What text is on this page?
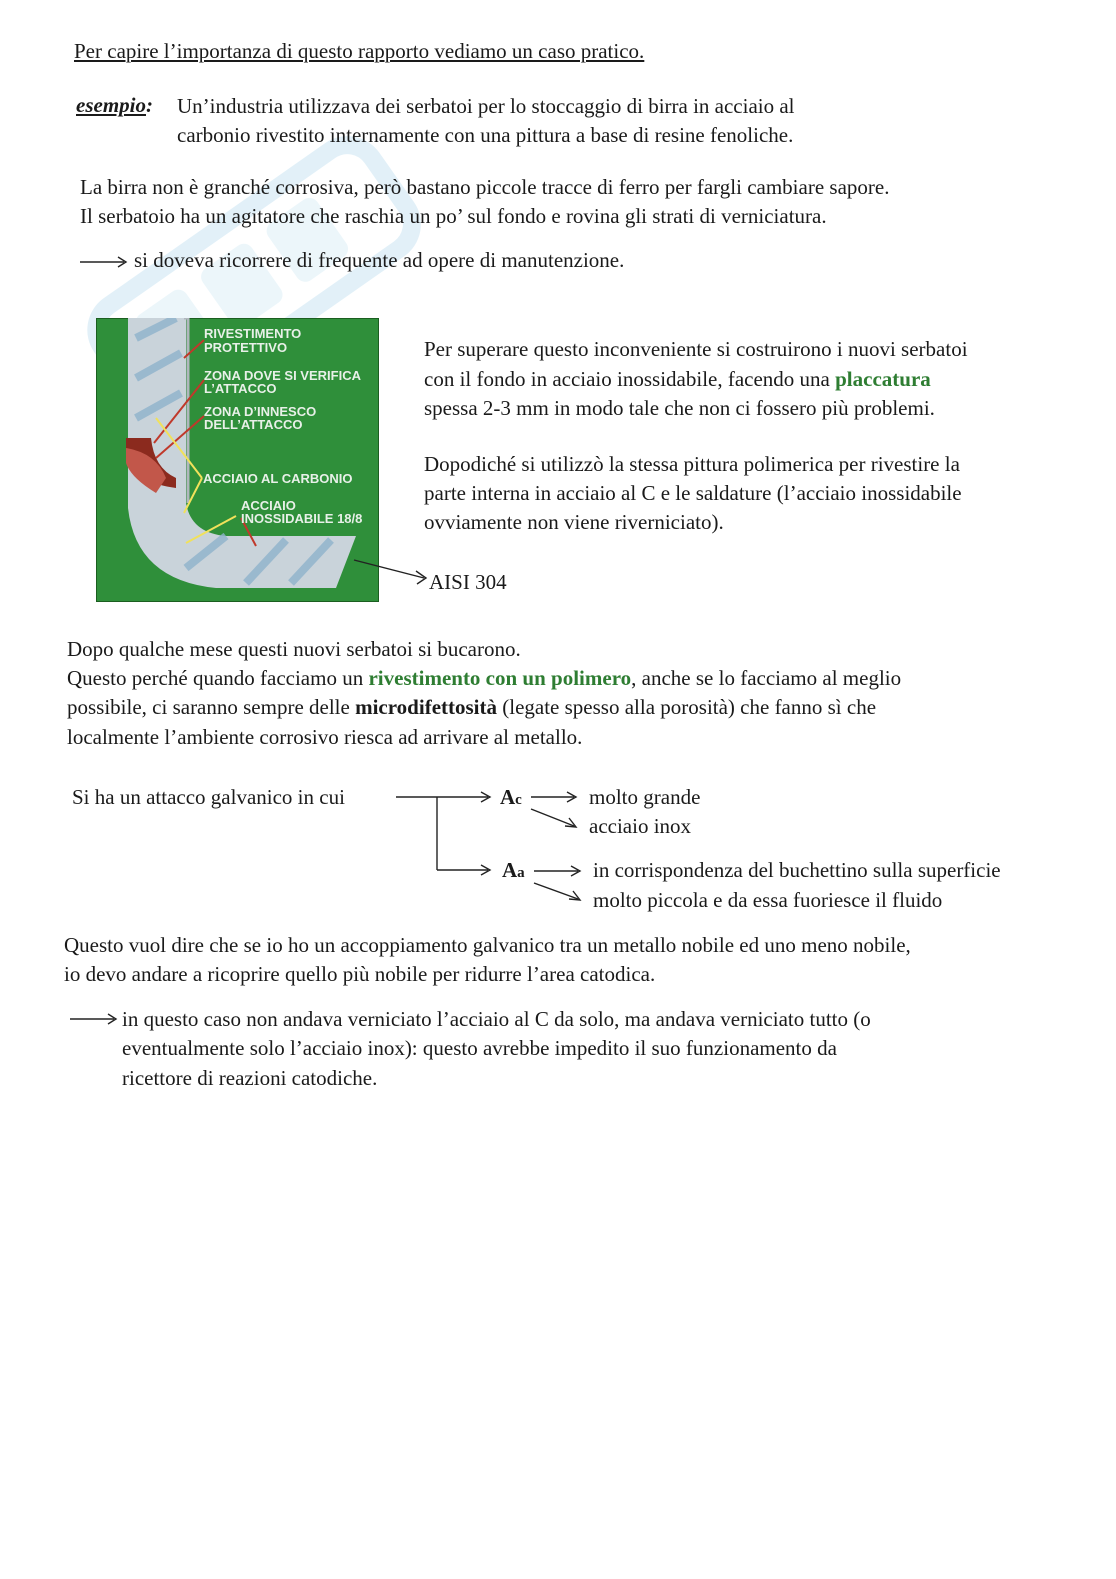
Per capire l’importanza di questo rapporto vediamo un caso pratico.
esempio: Un’industria utilizzava dei serbatoi per lo stoccaggio di birra in acciaio al
carbonio rivestito internamente con una pittura a base di resine fenoliche.
La birra non è granché corrosiva, però bastano piccole tracce di ferro per fargli cambiare sapore.
Il serbatoio ha un agitatore che raschia un po’ sul fondo e rovina gli strati di verniciatura.
si doveva ricorrere di frequente ad opere di manutenzione.
RIVESTIMENTO
PROTETTIVO
ZONA DOVE SI VERIFICA
L’ATTACCO
ZONA D’INNESCO
DELL’ATTACCO
ACCIAIO AL CARBONIO
ACCIAIO
INOSSIDABILE 18/8
AISI 304
Per superare questo inconveniente si costruirono i nuovi serbatoi
con il fondo in acciaio inossidabile, facendo una placcatura
spessa 2-3 mm in modo tale che non ci fossero più problemi.
Dopodiché si utilizzò la stessa pittura polimerica per rivestire la
parte interna in acciaio al C e le saldature (l’acciaio inossidabile
ovviamente non viene riverniciato).
Dopo qualche mese questi nuovi serbatoi si bucarono.
Questo perché quando facciamo un rivestimento con un polimero, anche se lo facciamo al meglio
possibile, ci saranno sempre delle microdifettosità (legate spesso alla porosità) che fanno sì che
localmente l’ambiente corrosivo riesca ad arrivare al metallo.
Si ha un attacco galvanico in cui	Ac	molto grande
acciaio inox
Aa	in corrispondenza del buchettino sulla superficie
molto piccola e da essa fuoriesce il fluido
Questo vuol dire che se io ho un accoppiamento galvanico tra un metallo nobile ed uno meno nobile,
io devo andare a ricoprire quello più nobile per ridurre l’area catodica.
in questo caso non andava verniciato l’acciaio al C da solo, ma andava verniciato tutto (o
eventualmente solo l’acciaio inox): questo avrebbe impedito il suo funzionamento da
ricettore di reazioni catodiche.
